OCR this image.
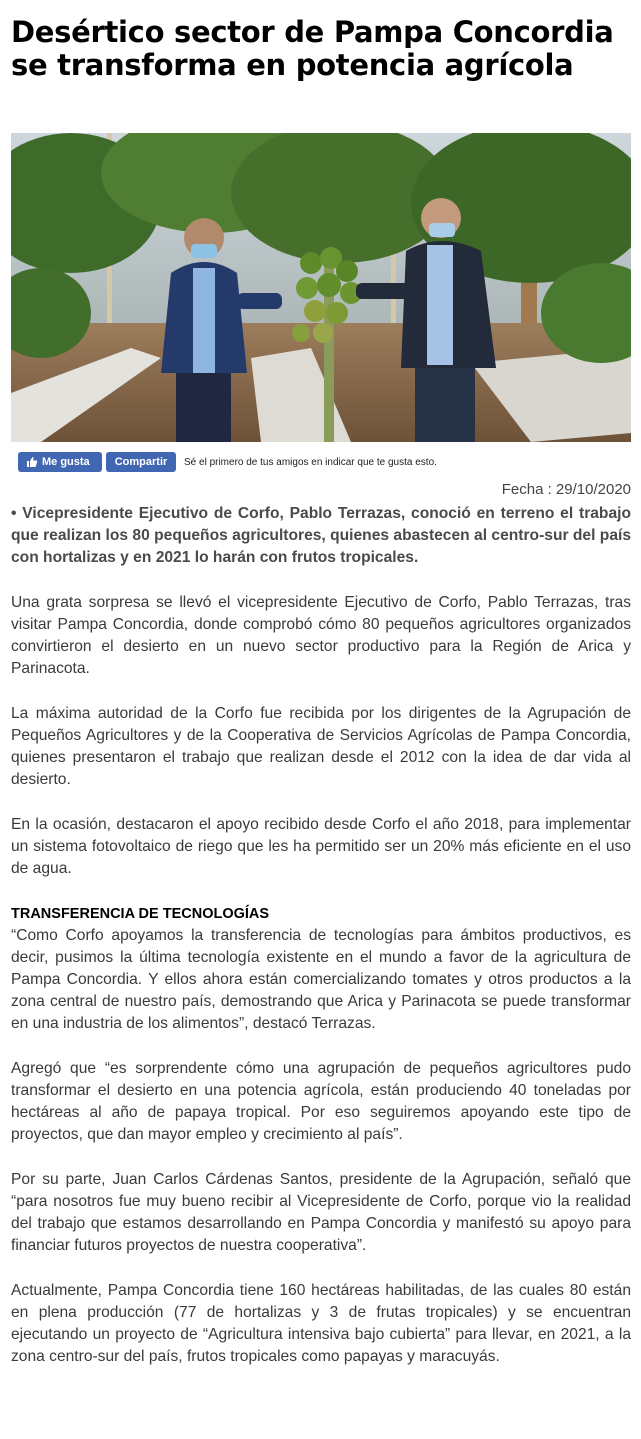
Desértico sector de Pampa Concordia se transforma en potencia agrícola
Me gusta Compartir Sé el primero de tus amigos en indicar que te gusta esto.
Fecha : 29/10/2020

• Vicepresidente Ejecutivo de Corfo, Pablo Terrazas, conoció en terreno el trabajo que realizan los 80 pequeños agricultores, quienes abastecen al centro-sur del país con hortalizas y en 2021 lo harán con frutos tropicales.

Una grata sorpresa se llevó el vicepresidente Ejecutivo de Corfo, Pablo Terrazas, tras visitar Pampa Concordia, donde comprobó cómo 80 pequeños agricultores organizados convirtieron el desierto en un nuevo sector productivo para la Región de Arica y Parinacota.

La máxima autoridad de la Corfo fue recibida por los dirigentes de la Agrupación de Pequeños Agricultores y de la Cooperativa de Servicios Agrícolas de Pampa Concordia, quienes presentaron el trabajo que realizan desde el 2012 con la idea de dar vida al desierto.

En la ocasión, destacaron el apoyo recibido desde Corfo el año 2018, para implementar un sistema fotovoltaico de riego que les ha permitido ser un 20% más eficiente en el uso de agua.

TRANSFERENCIA DE TECNOLOGÍAS

“Como Corfo apoyamos la transferencia de tecnologías para ámbitos productivos, es decir, pusimos la última tecnología existente en el mundo a favor de la agricultura de Pampa Concordia. Y ellos ahora están comercializando tomates y otros productos a la zona central de nuestro país, demostrando que Arica y Parinacota se puede transformar en una industria de los alimentos”, destacó Terrazas.

Agregó que “es sorprendente cómo una agrupación de pequeños agricultores pudo transformar el desierto en una potencia agrícola, están produciendo 40 toneladas por hectáreas al año de papaya tropical. Por eso seguiremos apoyando este tipo de proyectos, que dan mayor empleo y crecimiento al país”.

Por su parte, Juan Carlos Cárdenas Santos, presidente de la Agrupación, señaló que “para nosotros fue muy bueno recibir al Vicepresidente de Corfo, porque vio la realidad del trabajo que estamos desarrollando en Pampa Concordia y manifestó su apoyo para financiar futuros proyectos de nuestra cooperativa”.

Actualmente, Pampa Concordia tiene 160 hectáreas habilitadas, de las cuales 80 están en plena producción (77 de hortalizas y 3 de frutas tropicales) y se encuentran ejecutando un proyecto de “Agricultura intensiva bajo cubierta” para llevar, en 2021, a la zona centro-sur del país, frutos tropicales como papayas y maracuyás.
